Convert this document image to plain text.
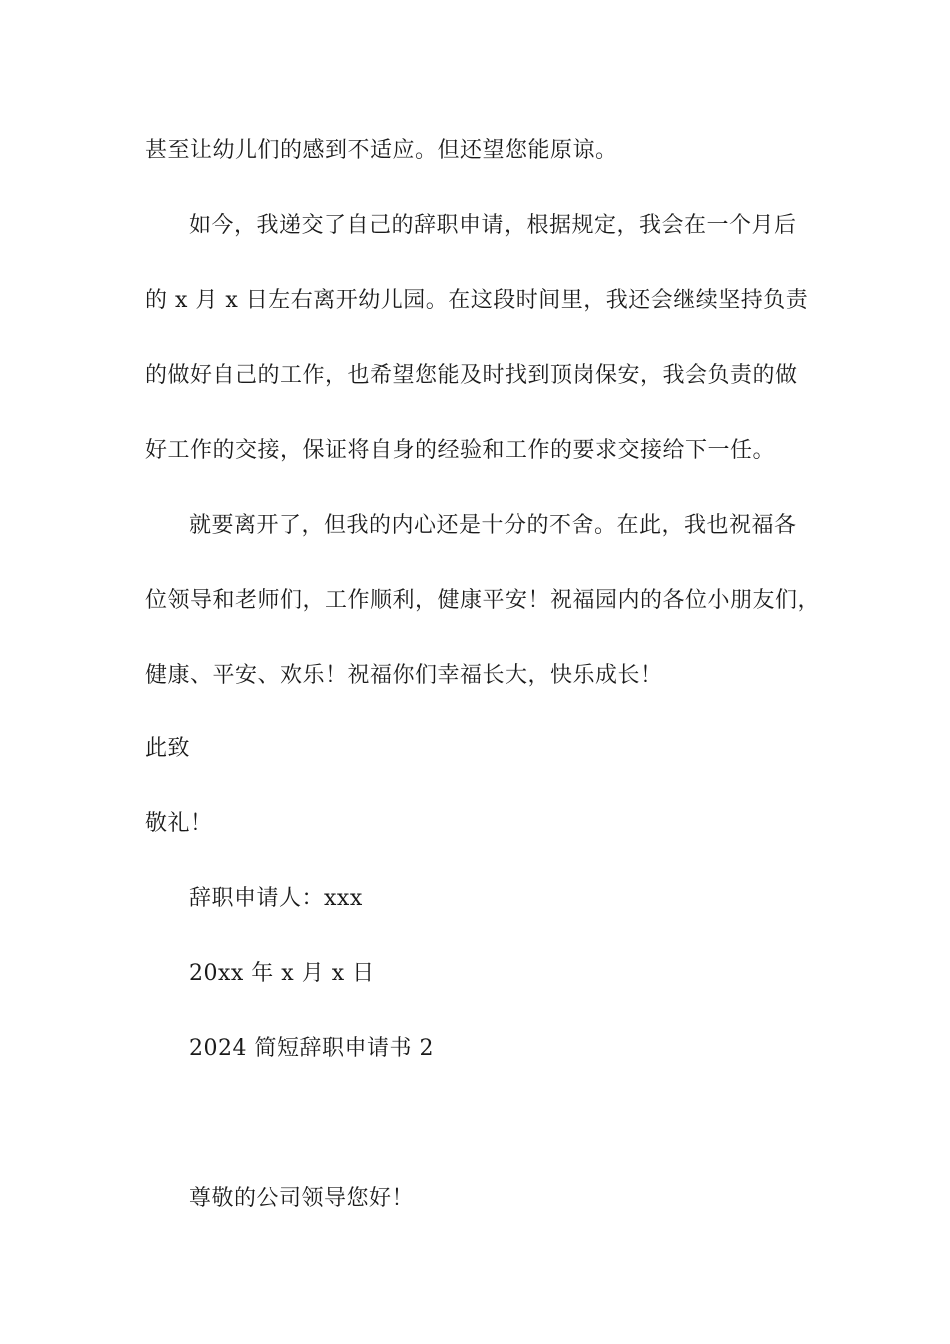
甚至让幼儿们的感到不适应。但还望您能原谅。
如今，我递交了自己的辞职申请，根据规定，我会在一个月后
的 x 月 x 日左右离开幼儿园。在这段时间里，我还会继续坚持负责
的做好自己的工作，也希望您能及时找到顶岗保安，我会负责的做
好工作的交接，保证将自身的经验和工作的要求交接给下一任。
就要离开了，但我的内心还是十分的不舍。在此，我也祝福各
位领导和老师们，工作顺利，健康平安！祝福园内的各位小朋友们，
健康、平安、欢乐！祝福你们幸福长大，快乐成长！
此致
敬礼！
辞职申请人：xxx
20xx 年 x 月 x 日
2024 简短辞职申请书 2
尊敬的公司领导您好！
